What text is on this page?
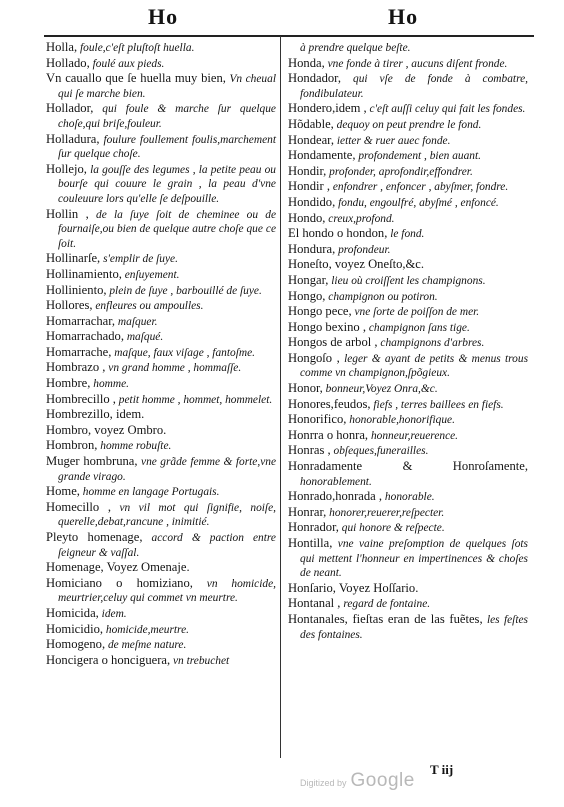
Ho	Ho

Holla, foule,c'eſt pluſtoſt huella.

Hollado, foulé aux pieds.

Vn cauallo que ſe huella muy bien, Vn cheual qui ſe marche bien.

Hollador, qui foule & marche ſur quelque choſe,qui briſe,fouleur.

Holladura, foulure foullement foulis,marchement ſur quelque choſe.

Hollejo, la gouſſe des legumes , la petite peau ou bourſe qui couure le grain , la peau d'vne couleuure lors qu'elle ſe deſpouille.

Hollin , de la ſuye ſoit de cheminee ou de fournaiſe,ou bien de quelque autre choſe que ce ſoit.

Hollinarſe, s'emplir de ſuye.

Hollinamiento, enſuyement.

Holliniento, plein de ſuye , barbouillé de ſuye.

Hollores, enfleures ou ampoulles.

Homarrachar, maſquer.

Homarrachado, maſqué.

Homarrache, maſque, faux viſage , fantoſme.

Hombrazo , vn grand homme , hommaſſe.

Hombre, homme.

Hombrecillo , petit homme , hommet, hommelet.

Hombrezillo, idem.

Hombro, voyez Ombro.

Hombron, homme robuſte.

Muger hombruna, vne grãde femme & forte,vne grande virago.

Home, homme en langage Portugais.

Homecillo , vn vil mot qui ſignifie, noiſe, querelle,debat,rancune , inimitié.

Pleyto homenage, accord & paction entre ſeigneur & vaſſal.

Homenage, Voyez Omenaje.

Homiciano o homiziano, vn homicide, meurtrier,celuy qui commet vn meurtre.

Homicida, idem.

Homicidio, homicide,meurtre.

Homogeno, de meſme nature.

Honcigera o honciguera, vn trebuchet

à prendre quelque beſte.

Honda, vne fonde à tirer , aucuns diſent fronde.

Hondador, qui vſe de fonde à combatre, fondibulateur.

Hondero,idem , c'eſt auſſi celuy qui fait les fondes.

Hõdable, dequoy on peut prendre le fond.

Hondear, ietter & ruer auec fonde.

Hondamente, profondement , bien auant.

Hondir, profonder, aprofondir,effondrer.

Hondir , enfondrer , enfoncer , abyſmer, fondre.

Hondido, fondu, engoulfré, abyſmé , enfoncé.

Hondo, creux,profond.

El hondo o hondon, le fond.

Hondura, profondeur.

Honeſto, voyez Oneſto,&c.

Hongar, lieu où croiſſent les champignons.

Hongo, champignon ou potiron.

Hongo pece, vne ſorte de poiſſon de mer.

Hongo bexino , champignon ſans tige.

Hongos de arbol , champignons d'arbres.

Hongoſo , leger & ayant de petits & menus trous comme vn champignon,ſpõgieux.

Honor, bonneur,Voyez Onra,&c.

Honores,feudos, fiefs , terres baillees en fiefs.

Honorifico, honorable,honorifique.

Honrra o honra, honneur,reuerence.

Honras , obſeques,funerailles.

Honradamente & Honroſamente, honorablement.

Honrado,honrada , honorable.

Honrar, honorer,reuerer,reſpecter.

Honrador, qui honore & reſpecte.

Hontilla, vne vaine preſomption de quelques ſots qui mettent l'honneur en impertinences & choſes de neant.

Honſario, Voyez Hoſſario.

Hontanal , regard de fontaine.

Hontanales, fieſtas eran de las fuẽtes, les feſtes des fontaines.

Digitized by Google
T iij
